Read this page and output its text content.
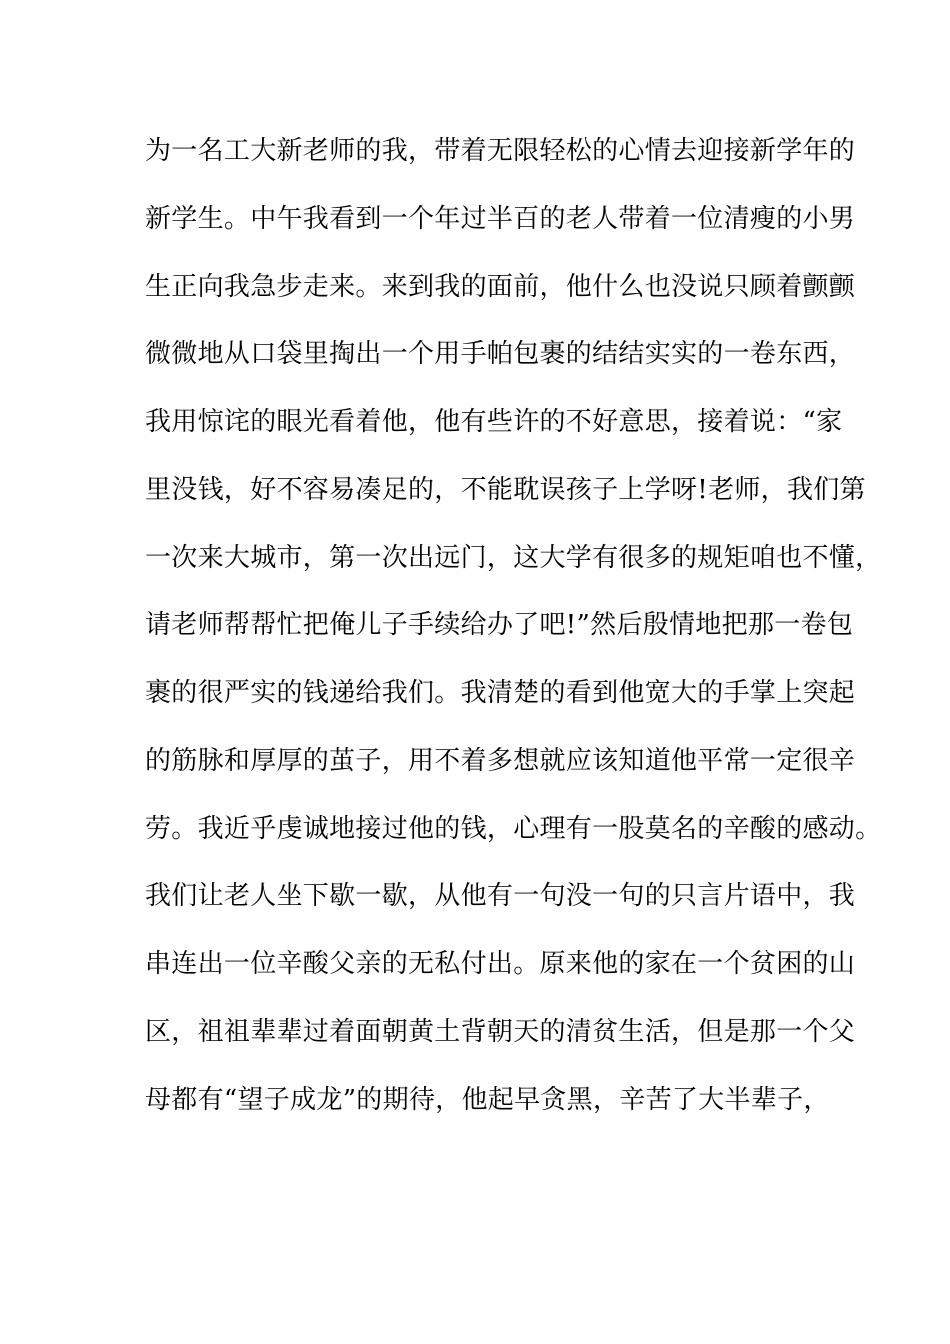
为一名工大新老师的我，带着无限轻松的心情去迎接新学年的
新学生。中午我看到一个年过半百的老人带着一位清瘦的小男
生正向我急步走来。来到我的面前，他什么也没说只顾着颤颤
微微地从口袋里掏出一个用手帕包裹的结结实实的一卷东西，
我用惊诧的眼光看着他，他有些许的不好意思，接着说：“家
里没钱，好不容易凑足的，不能耽误孩子上学呀!老师，我们第
一次来大城市，第一次出远门，这大学有很多的规矩咱也不懂，
请老师帮帮忙把俺儿子手续给办了吧!”然后殷情地把那一卷包
裹的很严实的钱递给我们。我清楚的看到他宽大的手掌上突起
的筋脉和厚厚的茧子，用不着多想就应该知道他平常一定很辛
劳。我近乎虔诚地接过他的钱，心理有一股莫名的辛酸的感动。
我们让老人坐下歇一歇，从他有一句没一句的只言片语中，我
串连出一位辛酸父亲的无私付出。原来他的家在一个贫困的山
区，祖祖辈辈过着面朝黄土背朝天的清贫生活，但是那一个父
母都有“望子成龙”的期待，他起早贪黑，辛苦了大半辈子，
